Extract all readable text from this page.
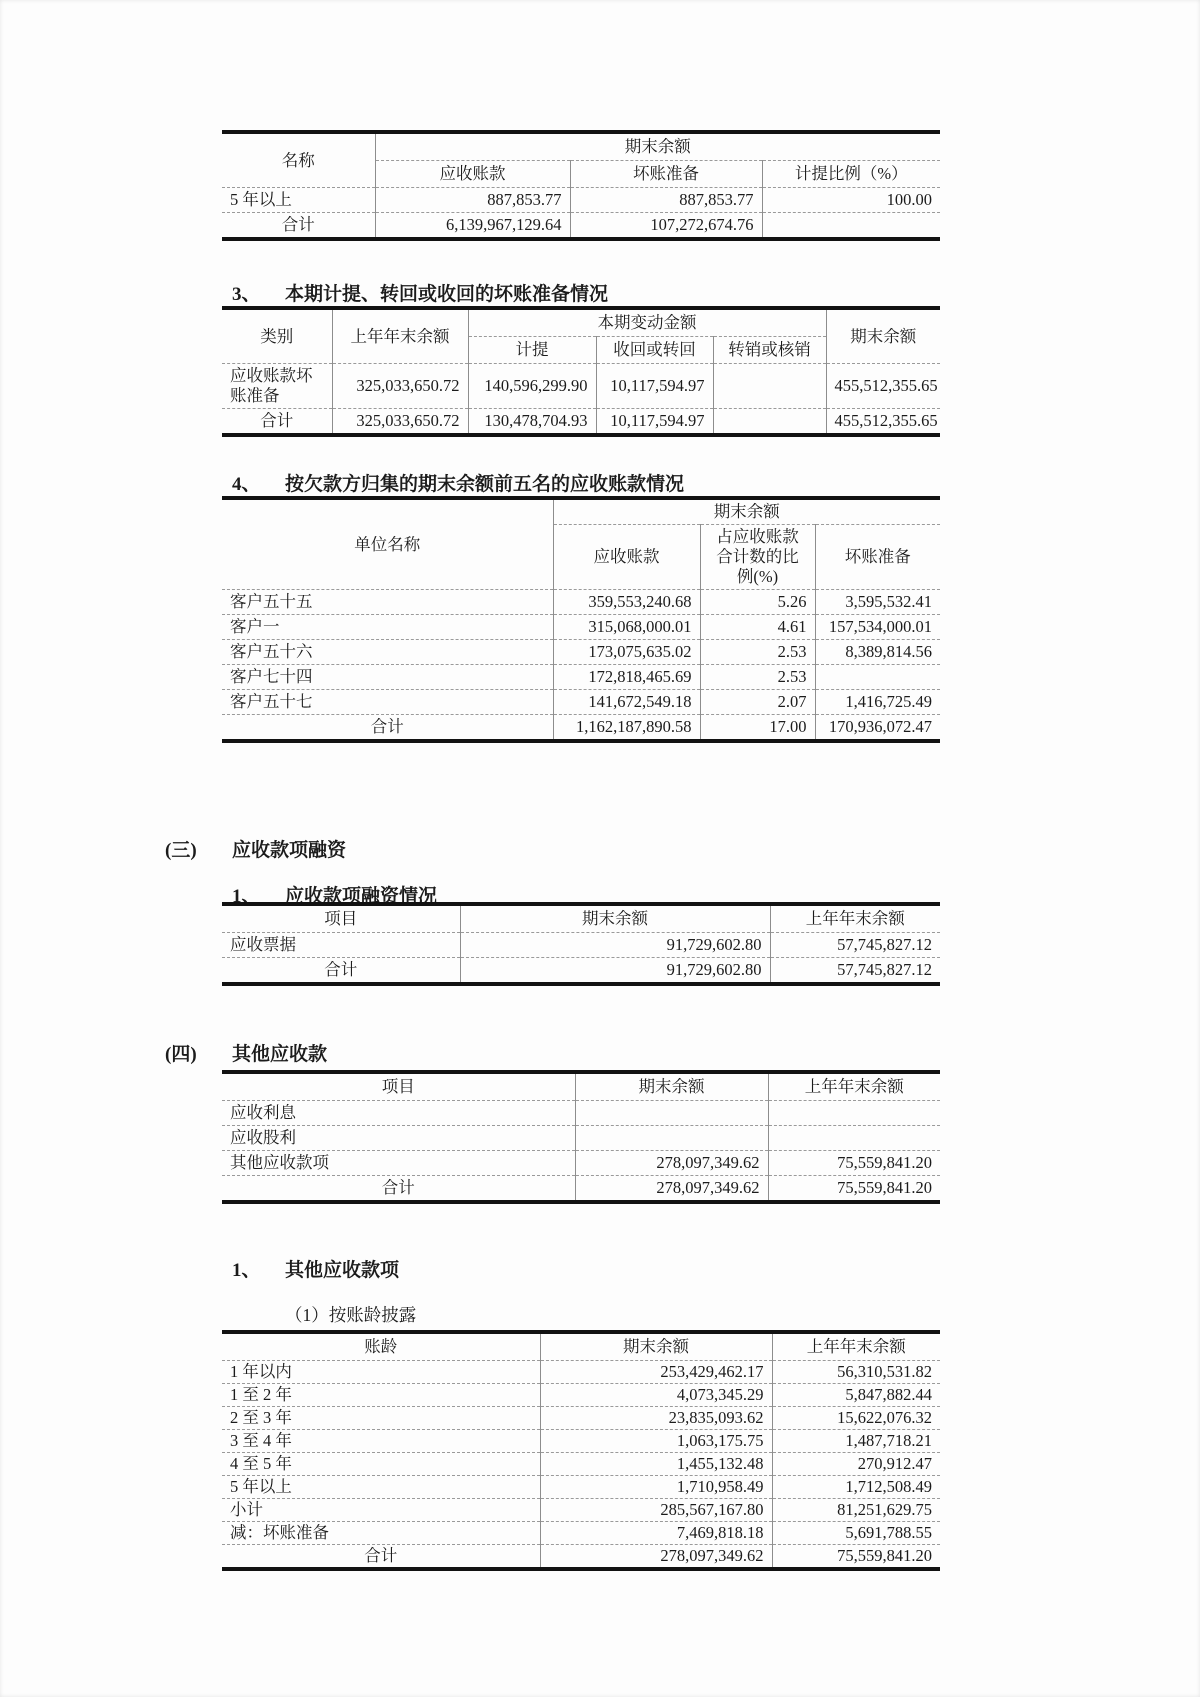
名称	期末余额		
	应收账款	坏账准备	计提比例（%）
5 年以上	887,853.77	887,853.77	100.00
合计	6,139,967,129.64	107,272,674.76	
3、 本期计提、转回或收回的坏账准备情况
类别	上年年末余额	本期变动金额			期末余额
		计提	收回或转回	转销或核销	
应收账款坏账准备	325,033,650.72	140,596,299.90	10,117,594.97		455,512,355.65
合计	325,033,650.72	130,478,704.93	10,117,594.97		455,512,355.65
4、 按欠款方归集的期末余额前五名的应收账款情况
单位名称	期末余额		
	应收账款	占应收账款合计数的比例(%)	坏账准备
客户五十五	359,553,240.68	5.26	3,595,532.41
客户一	315,068,000.01	4.61	157,534,000.01
客户五十六	173,075,635.02	2.53	8,389,814.56
客户七十四	172,818,465.69	2.53	
客户五十七	141,672,549.18	2.07	1,416,725.49
合计	1,162,187,890.58	17.00	170,936,072.47
(三) 应收款项融资
1、 应收款项融资情况
项目	期末余额	上年年末余额
应收票据	91,729,602.80	57,745,827.12
合计	91,729,602.80	57,745,827.12
(四) 其他应收款
项目	期末余额	上年年末余额
应收利息		
应收股利		
其他应收款项	278,097,349.62	75,559,841.20
合计	278,097,349.62	75,559,841.20
1、 其他应收款项
（1）按账龄披露
账龄	期末余额	上年年末余额
1 年以内	253,429,462.17	56,310,531.82
1 至 2 年	4,073,345.29	5,847,882.44
2 至 3 年	23,835,093.62	15,622,076.32
3 至 4 年	1,063,175.75	1,487,718.21
4 至 5 年	1,455,132.48	270,912.47
5 年以上	1,710,958.49	1,712,508.49
小计	285,567,167.80	81,251,629.75
减：坏账准备	7,469,818.18	5,691,788.55
合计	278,097,349.62	75,559,841.20
